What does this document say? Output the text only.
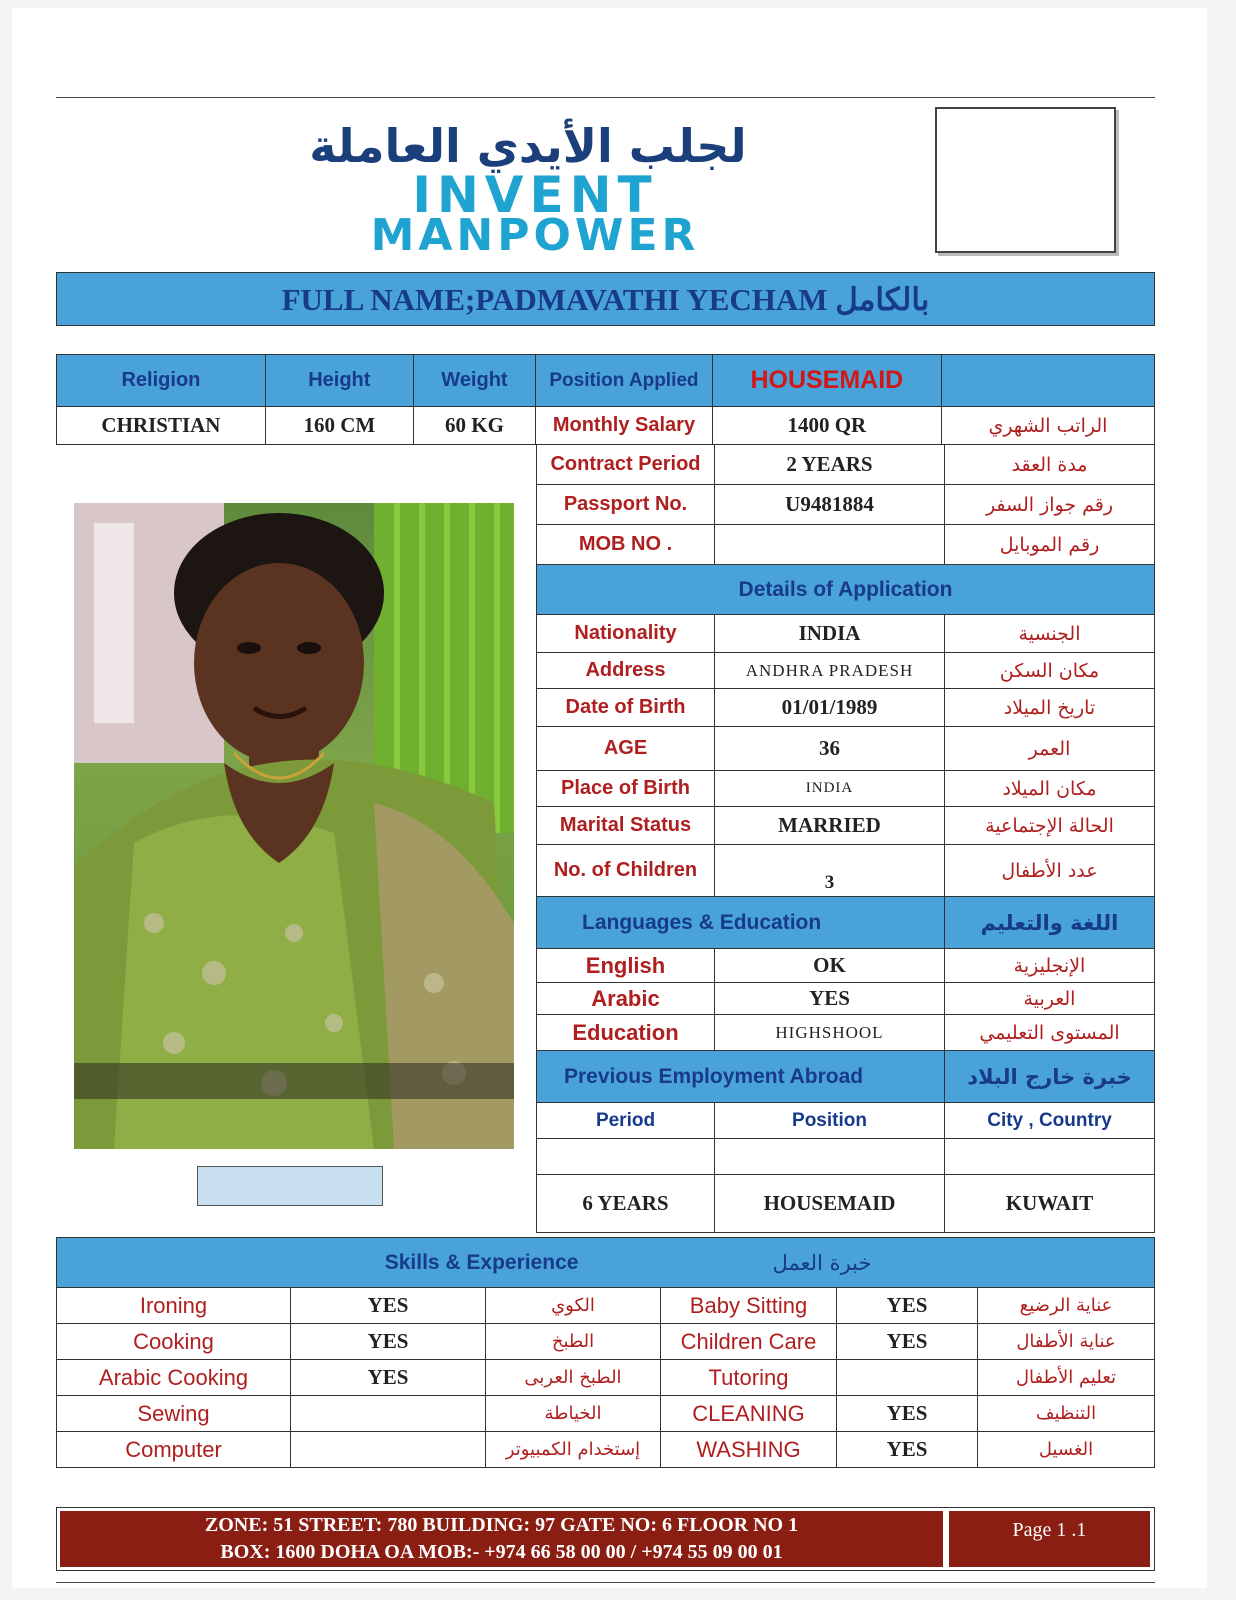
لجلب الأيدي العاملة
INVENT
MANPOWER
FULL NAME;PADMAVATHI YECHAM بالكامل
Religion	Height	Weight	Position Applied	HOUSEMAID	
CHRISTIAN	160 CM	60 KG	Monthly Salary	1400 QR	الراتب الشهري
Contract Period	2 YEARS	مدة العقد
Passport No.	U9481884	رقم جواز السفر
MOB NO .		رقم الموبايل
Details of Application		
Nationality	INDIA	الجنسية
Address	ANDHRA PRADESH	مكان السكن
Date of Birth	01/01/1989	تاريخ الميلاد
AGE	36	العمر
Place of Birth	INDIA	مكان الميلاد
Marital Status	MARRIED	الحالة الإجتماعية
No. of Children	3	عدد الأطفال
Languages & Education		اللغة والتعليم
English	OK	الإنجليزية
Arabic	YES	العربية
Education	HIGHSHOOL	المستوى التعليمي
Previous Employment Abroad		خبرة خارج البلاد
Period	Position	City , Country

6 YEARS	HOUSEMAID	KUWAIT
Skills & Experience			خبرة العمل		
Ironing	YES	الكوي	Baby Sitting	YES	عناية الرضيع
Cooking	YES	الطبخ	Children Care	YES	عناية الأطفال
Arabic Cooking	YES	الطبخ العربى	Tutoring		تعليم الأطفال
Sewing		الخياطة	CLEANING	YES	التنظيف
Computer		إستخدام الكمبيوتر	WASHING	YES	الغسيل
ZONE: 51 STREET: 780 BUILDING: 97 GATE NO: 6 FLOOR NO 1
BOX: 1600 DOHA OA MOB:- +974 66 58 00 00 / +974 55 09 00 01
Page 1 .1
